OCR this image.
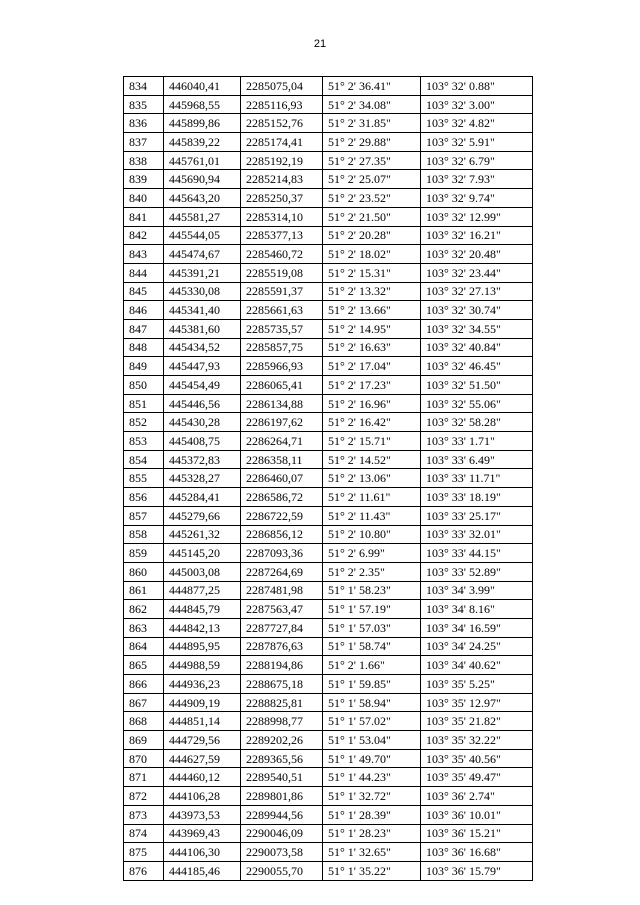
21
834	446040,41	2285075,04	51° 2' 36.41"	103° 32' 0.88"
835	445968,55	2285116,93	51° 2' 34.08"	103° 32' 3.00"
836	445899,86	2285152,76	51° 2' 31.85"	103° 32' 4.82"
837	445839,22	2285174,41	51° 2' 29.88"	103° 32' 5.91"
838	445761,01	2285192,19	51° 2' 27.35"	103° 32' 6.79"
839	445690,94	2285214,83	51° 2' 25.07"	103° 32' 7.93"
840	445643,20	2285250,37	51° 2' 23.52"	103° 32' 9.74"
841	445581,27	2285314,10	51° 2' 21.50"	103° 32' 12.99"
842	445544,05	2285377,13	51° 2' 20.28"	103° 32' 16.21"
843	445474,67	2285460,72	51° 2' 18.02"	103° 32' 20.48"
844	445391,21	2285519,08	51° 2' 15.31"	103° 32' 23.44"
845	445330,08	2285591,37	51° 2' 13.32"	103° 32' 27.13"
846	445341,40	2285661,63	51° 2' 13.66"	103° 32' 30.74"
847	445381,60	2285735,57	51° 2' 14.95"	103° 32' 34.55"
848	445434,52	2285857,75	51° 2' 16.63"	103° 32' 40.84"
849	445447,93	2285966,93	51° 2' 17.04"	103° 32' 46.45"
850	445454,49	2286065,41	51° 2' 17.23"	103° 32' 51.50"
851	445446,56	2286134,88	51° 2' 16.96"	103° 32' 55.06"
852	445430,28	2286197,62	51° 2' 16.42"	103° 32' 58.28"
853	445408,75	2286264,71	51° 2' 15.71"	103° 33' 1.71"
854	445372,83	2286358,11	51° 2' 14.52"	103° 33' 6.49"
855	445328,27	2286460,07	51° 2' 13.06"	103° 33' 11.71"
856	445284,41	2286586,72	51° 2' 11.61"	103° 33' 18.19"
857	445279,66	2286722,59	51° 2' 11.43"	103° 33' 25.17"
858	445261,32	2286856,12	51° 2' 10.80"	103° 33' 32.01"
859	445145,20	2287093,36	51° 2' 6.99"	103° 33' 44.15"
860	445003,08	2287264,69	51° 2' 2.35"	103° 33' 52.89"
861	444877,25	2287481,98	51° 1' 58.23"	103° 34' 3.99"
862	444845,79	2287563,47	51° 1' 57.19"	103° 34' 8.16"
863	444842,13	2287727,84	51° 1' 57.03"	103° 34' 16.59"
864	444895,95	2287876,63	51° 1' 58.74"	103° 34' 24.25"
865	444988,59	2288194,86	51° 2' 1.66"	103° 34' 40.62"
866	444936,23	2288675,18	51° 1' 59.85"	103° 35' 5.25"
867	444909,19	2288825,81	51° 1' 58.94"	103° 35' 12.97"
868	444851,14	2288998,77	51° 1' 57.02"	103° 35' 21.82"
869	444729,56	2289202,26	51° 1' 53.04"	103° 35' 32.22"
870	444627,59	2289365,56	51° 1' 49.70"	103° 35' 40.56"
871	444460,12	2289540,51	51° 1' 44.23"	103° 35' 49.47"
872	444106,28	2289801,86	51° 1' 32.72"	103° 36' 2.74"
873	443973,53	2289944,56	51° 1' 28.39"	103° 36' 10.01"
874	443969,43	2290046,09	51° 1' 28.23"	103° 36' 15.21"
875	444106,30	2290073,58	51° 1' 32.65"	103° 36' 16.68"
876	444185,46	2290055,70	51° 1' 35.22"	103° 36' 15.79"
